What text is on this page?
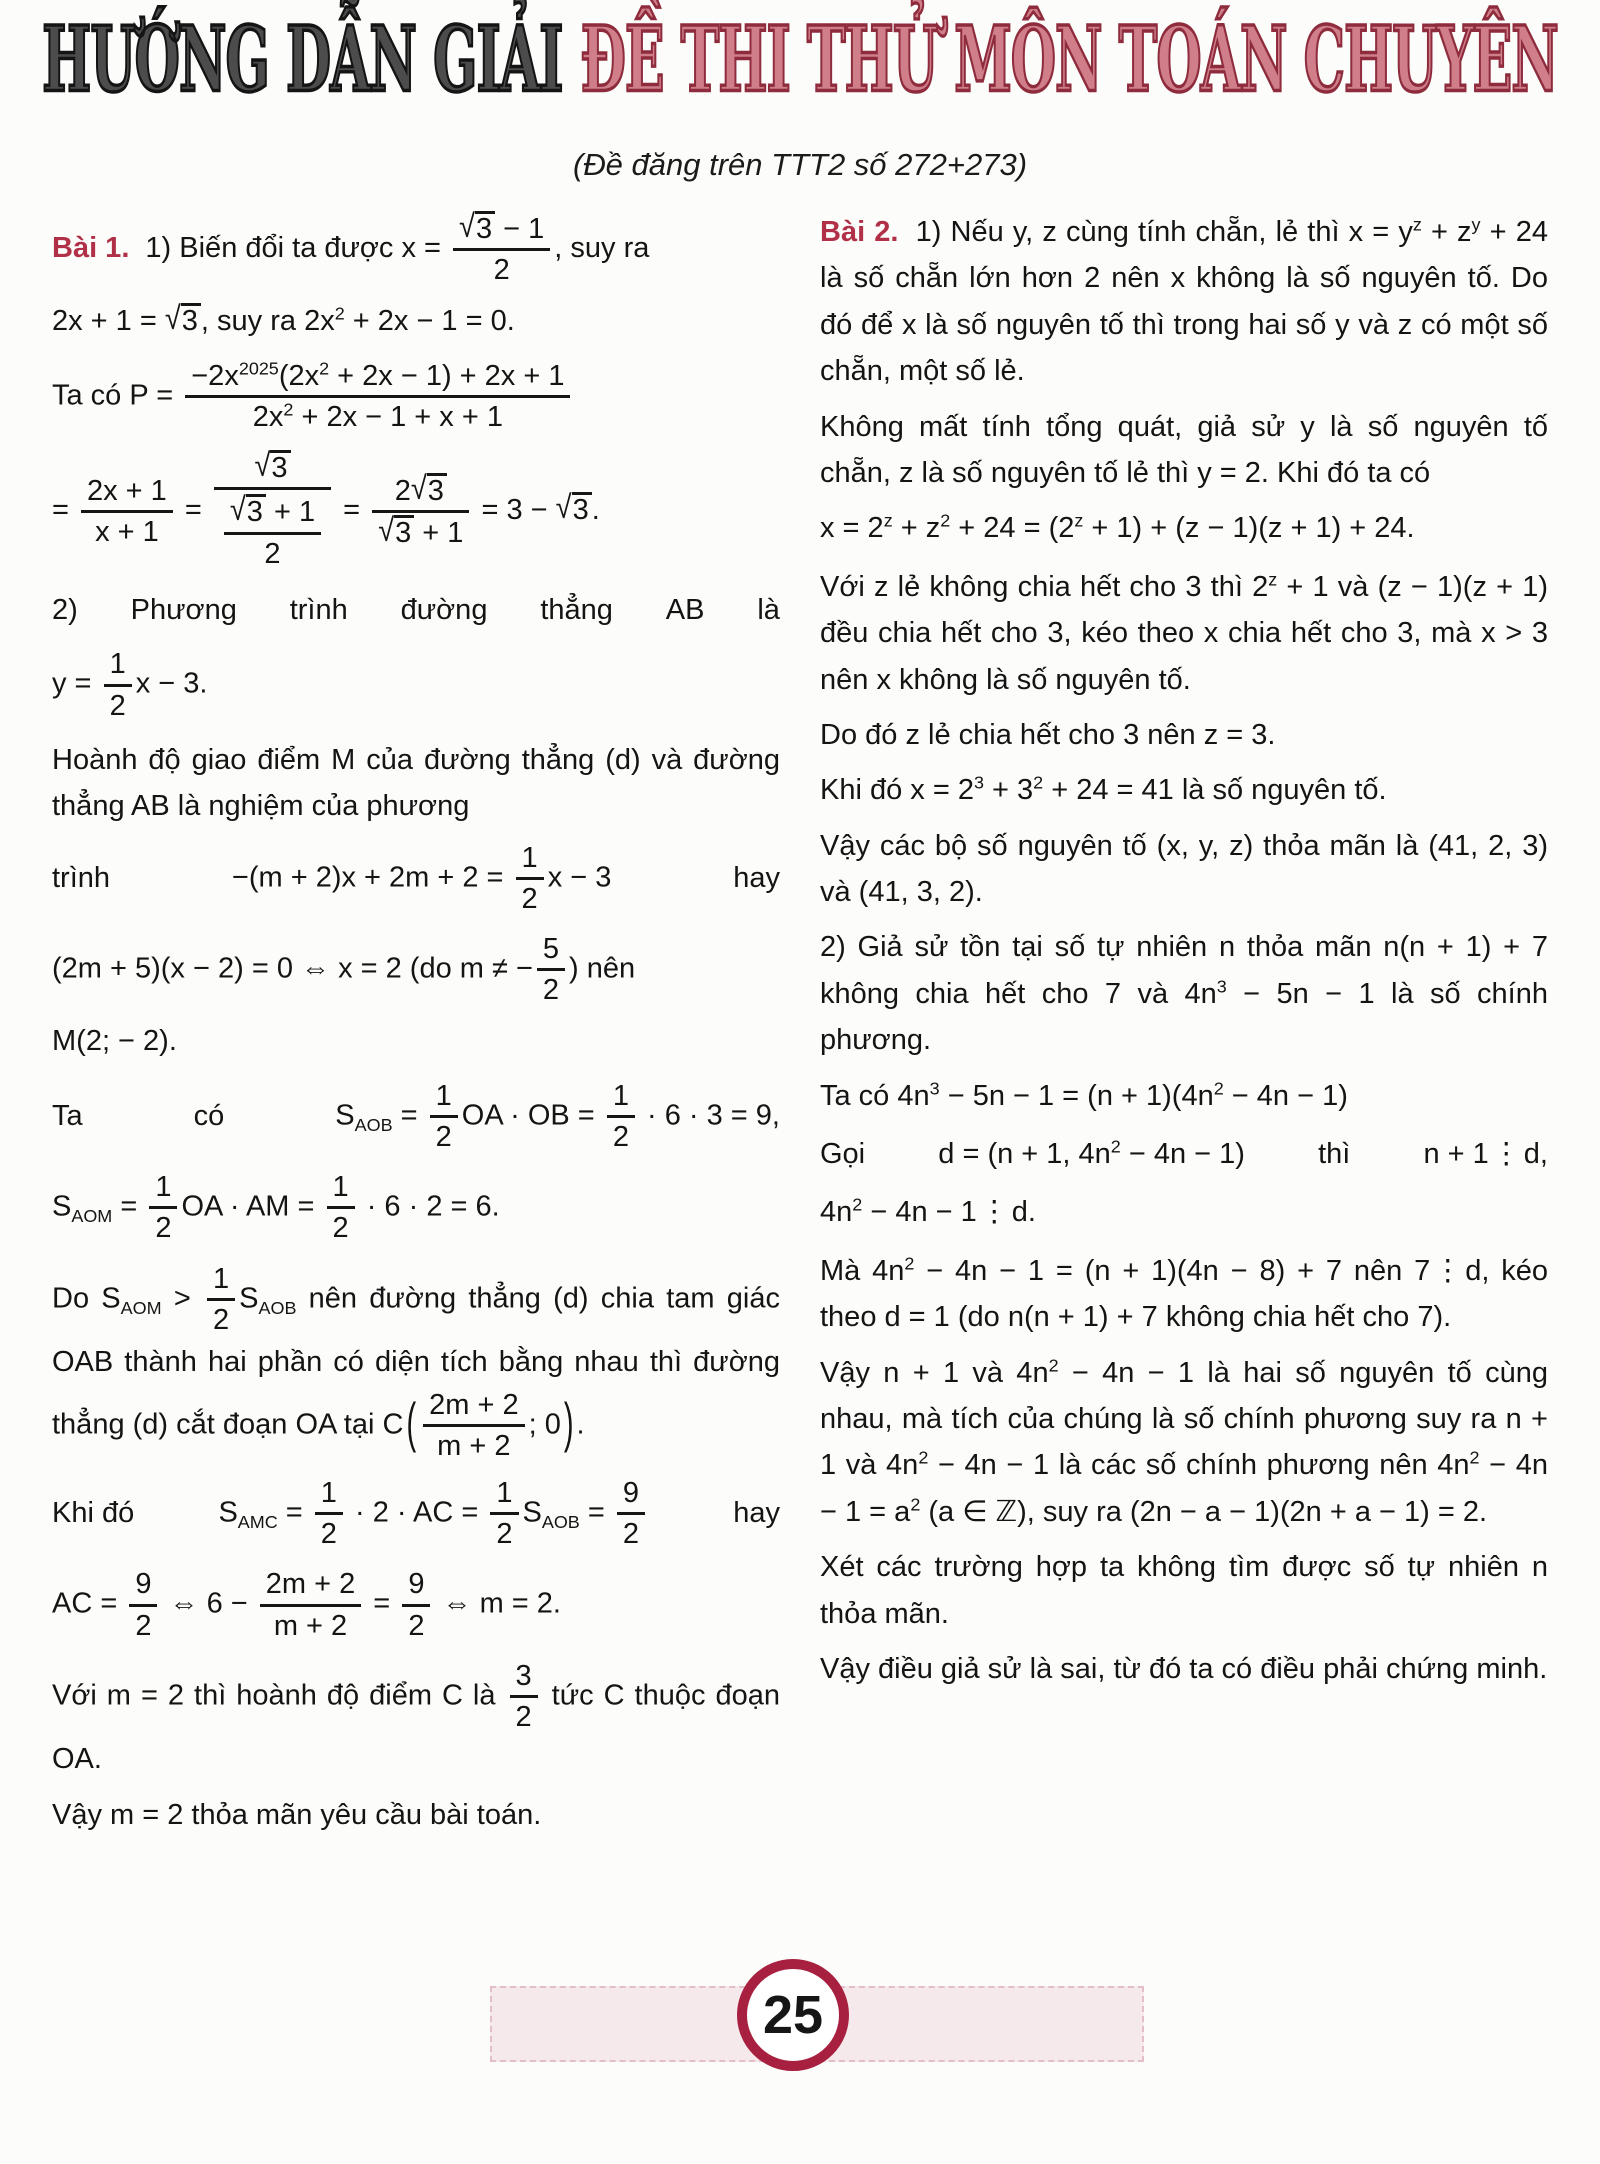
HƯỚNG DẪN GIẢI ĐỀ THI THỬ MÔN TOÁN CHUYÊN
(Đề đăng trên TTT2 số 272+273)

Bài 1. 1) Biến đổi ta được $x = \frac{√3 - 1}{2}$ , suy ra

2x + 1 = √3 , suy ra $2x^2 + 2x - 1 = 0$.

Ta có $P = \frac{-2x^{2025}(2x^2 + 2x - 1) + 2x + 1}{2x^2 + 2x - 1 + x + 1}$

= $\frac{2x + 1}{x + 1} = \frac{√3}{\frac{√3 + 1}{2}} = \frac{2√3}{√3 + 1} = 3 - √3$ .

2) Phương trình đường thẳng AB là

$y = \frac{1}{2}$ x − 3.

Hoành độ giao điểm M của đường thẳng (d) và đường thẳng AB là nghiệm của phương

trình	$-(m + 2)x + 2m + 2 = \frac{1}{2}$ x − 3	hay

(2m + 5)(x − 2) = 0 ⇔ x = 2 (do m ≠ − $\frac{5}{2}$ ) nên

M(2; − 2).

Ta	có	$S_{AOB} = \frac{1}{2}$ OA · OB = $\frac{1}{2} \cdot 6 \cdot 3 = 9$,

$S_{AOM} = \frac{1}{2}$ OA · AM = $\frac{1}{2} \cdot 6 \cdot 2 = 6$.

Do $S_{AOM} > \frac{1}{2} S_{AOB}$ nên đường thẳng (d) chia tam giác OAB thành hai phần có diện tích bằng nhau thì đường thẳng (d) cắt đoạn OA tại C ( $\frac{2m + 2}{m + 2}$ ; 0 ) .

Khi đó	$S_{AMC} = \frac{1}{2} \cdot 2$ · AC = $\frac{1}{2} S_{AOB} = \frac{9}{2}$	hay

AC = $\frac{9}{2}$ ⇔ $6 - \frac{2m + 2}{m + 2} = \frac{9}{2}$ ⇔ m = 2.

Với m = 2 thì hoành độ điểm C là $\frac{3}{2}$ tức C thuộc đoạn OA.

Vậy m = 2 thỏa mãn yêu cầu bài toán.

Bài 2. 1) Nếu y, z cùng tính chẵn, lẻ thì $x = y^z + z^y + 24$ là số chẵn lớn hơn 2 nên x không là số nguyên tố. Do đó để x là số nguyên tố thì trong hai số y và z có một số chẵn, một số lẻ.

Không mất tính tổng quát, giả sử y là số nguyên tố chẵn, z là số nguyên tố lẻ thì y = 2. Khi đó ta có

$x = 2^z + z^2 + 24 = (2^z + 1) + (z - 1)(z + 1) + 24$.

Với z lẻ không chia hết cho 3 thì $2^z + 1$ và (z − 1)(z + 1) đều chia hết cho 3, kéo theo x chia hết cho 3, mà x > 3 nên x không là số nguyên tố.

Do đó z lẻ chia hết cho 3 nên z = 3.

Khi đó $x = 2^3 + 3^2 + 24 = 41$ là số nguyên tố.

Vậy các bộ số nguyên tố (x, y, z) thỏa mãn là (41, 2, 3) và (41, 3, 2).

2) Giả sử tồn tại số tự nhiên n thỏa mãn n(n + 1) + 7 không chia hết cho 7 và $4n^3 - 5n - 1$ là số chính phương.

Ta có $4n^3 - 5n - 1 = (n + 1)(4n^2 - 4n - 1)$

Gọi	d = (n + 1, $4n^2 - 4n - 1$)	thì	n + 1 ⋮ d,

$4n^2 - 4n - 1$ ⋮ d.

Mà $4n^2 - 4n - 1 = (n + 1)(4n - 8) + 7$ nên 7 ⋮ d, kéo theo d = 1 (do n(n + 1) + 7 không chia hết cho 7).

Vậy n + 1 và $4n^2 - 4n - 1$ là hai số nguyên tố cùng nhau, mà tích của chúng là số chính phương suy ra n + 1 và $4n^2 - 4n - 1$ là các số chính phương nên $4n^2 - 4n - 1 = a^2$ (a ∈ ℤ), suy ra (2n − a − 1)(2n + a − 1) = 2.

Xét các trường hợp ta không tìm được số tự nhiên n thỏa mãn.

Vậy điều giả sử là sai, từ đó ta có điều phải chứng minh.

25
